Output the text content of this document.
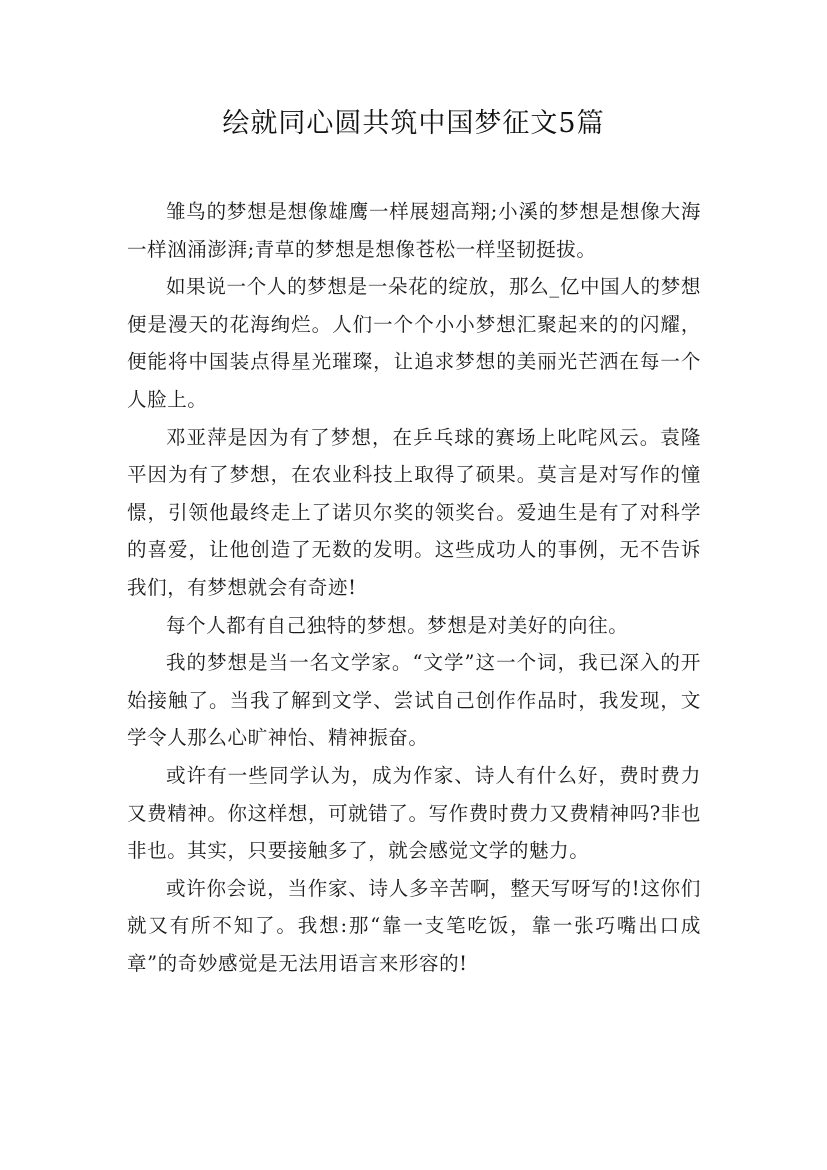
绘就同心圆共筑中国梦征文5篇

雏鸟的梦想是想像雄鹰一样展翅高翔;小溪的梦想是想像大海一样汹涌澎湃;青草的梦想是想像苍松一样坚韧挺拔。

如果说一个人的梦想是一朵花的绽放，那么_亿中国人的梦想便是漫天的花海绚烂。人们一个个小小梦想汇聚起来的的闪耀，便能将中国装点得星光璀璨，让追求梦想的美丽光芒洒在每一个人脸上。

邓亚萍是因为有了梦想，在乒乓球的赛场上叱咤风云。袁隆平因为有了梦想，在农业科技上取得了硕果。莫言是对写作的憧憬，引领他最终走上了诺贝尔奖的领奖台。爱迪生是有了对科学的喜爱，让他创造了无数的发明。这些成功人的事例，无不告诉我们，有梦想就会有奇迹!

每个人都有自己独特的梦想。梦想是对美好的向往。

我的梦想是当一名文学家。“文学”这一个词，我已深入的开始接触了。当我了解到文学、尝试自己创作作品时，我发现，文学令人那么心旷神怡、精神振奋。

或许有一些同学认为，成为作家、诗人有什么好，费时费力又费精神。你这样想，可就错了。写作费时费力又费精神吗?非也非也。其实，只要接触多了，就会感觉文学的魅力。

或许你会说，当作家、诗人多辛苦啊，整天写呀写的!这你们就又有所不知了。我想:那“靠一支笔吃饭，靠一张巧嘴出口成章”的奇妙感觉是无法用语言来形容的!
